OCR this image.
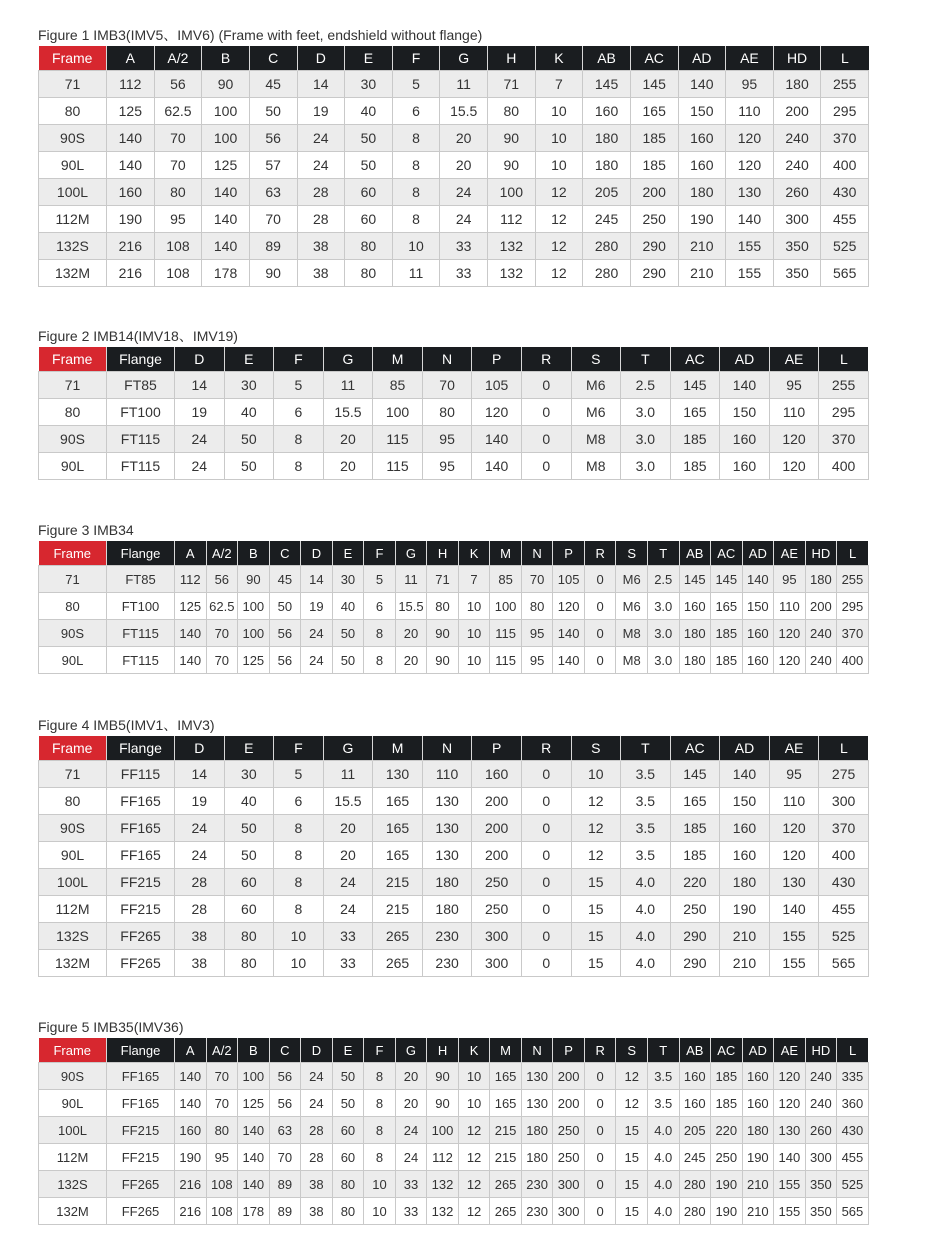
Figure 1 IMB3(IMV5、IMV6) (Frame with feet, endshield without flange)

Frame	A	A/2	B	C	D	E	F	G	H	K	AB	AC	AD	AE	HD	L
71	112	56	90	45	14	30	5	11	71	7	145	145	140	95	180	255
80	125	62.5	100	50	19	40	6	15.5	80	10	160	165	150	110	200	295
90S	140	70	100	56	24	50	8	20	90	10	180	185	160	120	240	370
90L	140	70	125	57	24	50	8	20	90	10	180	185	160	120	240	400
100L	160	80	140	63	28	60	8	24	100	12	205	200	180	130	260	430
112M	190	95	140	70	28	60	8	24	112	12	245	250	190	140	300	455
132S	216	108	140	89	38	80	10	33	132	12	280	290	210	155	350	525
132M	216	108	178	90	38	80	11	33	132	12	280	290	210	155	350	565

Figure 2 IMB14(IMV18、IMV19)

Frame	Flange	D	E	F	G	M	N	P	R	S	T	AC	AD	AE	L
71	FT85	14	30	5	11	85	70	105	0	M6	2.5	145	140	95	255
80	FT100	19	40	6	15.5	100	80	120	0	M6	3.0	165	150	110	295
90S	FT115	24	50	8	20	115	95	140	0	M8	3.0	185	160	120	370
90L	FT115	24	50	8	20	115	95	140	0	M8	3.0	185	160	120	400

Figure 3 IMB34

Frame	Flange	A	A/2	B	C	D	E	F	G	H	K	M	N	P	R	S	T	AB	AC	AD	AE	HD	L
71	FT85	112	56	90	45	14	30	5	11	71	7	85	70	105	0	M6	2.5	145	145	140	95	180	255
80	FT100	125	62.5	100	50	19	40	6	15.5	80	10	100	80	120	0	M6	3.0	160	165	150	110	200	295
90S	FT115	140	70	100	56	24	50	8	20	90	10	115	95	140	0	M8	3.0	180	185	160	120	240	370
90L	FT115	140	70	125	56	24	50	8	20	90	10	115	95	140	0	M8	3.0	180	185	160	120	240	400

Figure 4 IMB5(IMV1、IMV3)

Frame	Flange	D	E	F	G	M	N	P	R	S	T	AC	AD	AE	L
71	FF115	14	30	5	11	130	110	160	0	10	3.5	145	140	95	275
80	FF165	19	40	6	15.5	165	130	200	0	12	3.5	165	150	110	300
90S	FF165	24	50	8	20	165	130	200	0	12	3.5	185	160	120	370
90L	FF165	24	50	8	20	165	130	200	0	12	3.5	185	160	120	400
100L	FF215	28	60	8	24	215	180	250	0	15	4.0	220	180	130	430
112M	FF215	28	60	8	24	215	180	250	0	15	4.0	250	190	140	455
132S	FF265	38	80	10	33	265	230	300	0	15	4.0	290	210	155	525
132M	FF265	38	80	10	33	265	230	300	0	15	4.0	290	210	155	565

Figure 5 IMB35(IMV36)

Frame	Flange	A	A/2	B	C	D	E	F	G	H	K	M	N	P	R	S	T	AB	AC	AD	AE	HD	L
90S	FF165	140	70	100	56	24	50	8	20	90	10	165	130	200	0	12	3.5	160	185	160	120	240	335
90L	FF165	140	70	125	56	24	50	8	20	90	10	165	130	200	0	12	3.5	160	185	160	120	240	360
100L	FF215	160	80	140	63	28	60	8	24	100	12	215	180	250	0	15	4.0	205	220	180	130	260	430
112M	FF215	190	95	140	70	28	60	8	24	112	12	215	180	250	0	15	4.0	245	250	190	140	300	455
132S	FF265	216	108	140	89	38	80	10	33	132	12	265	230	300	0	15	4.0	280	190	210	155	350	525
132M	FF265	216	108	178	89	38	80	10	33	132	12	265	230	300	0	15	4.0	280	190	210	155	350	565
